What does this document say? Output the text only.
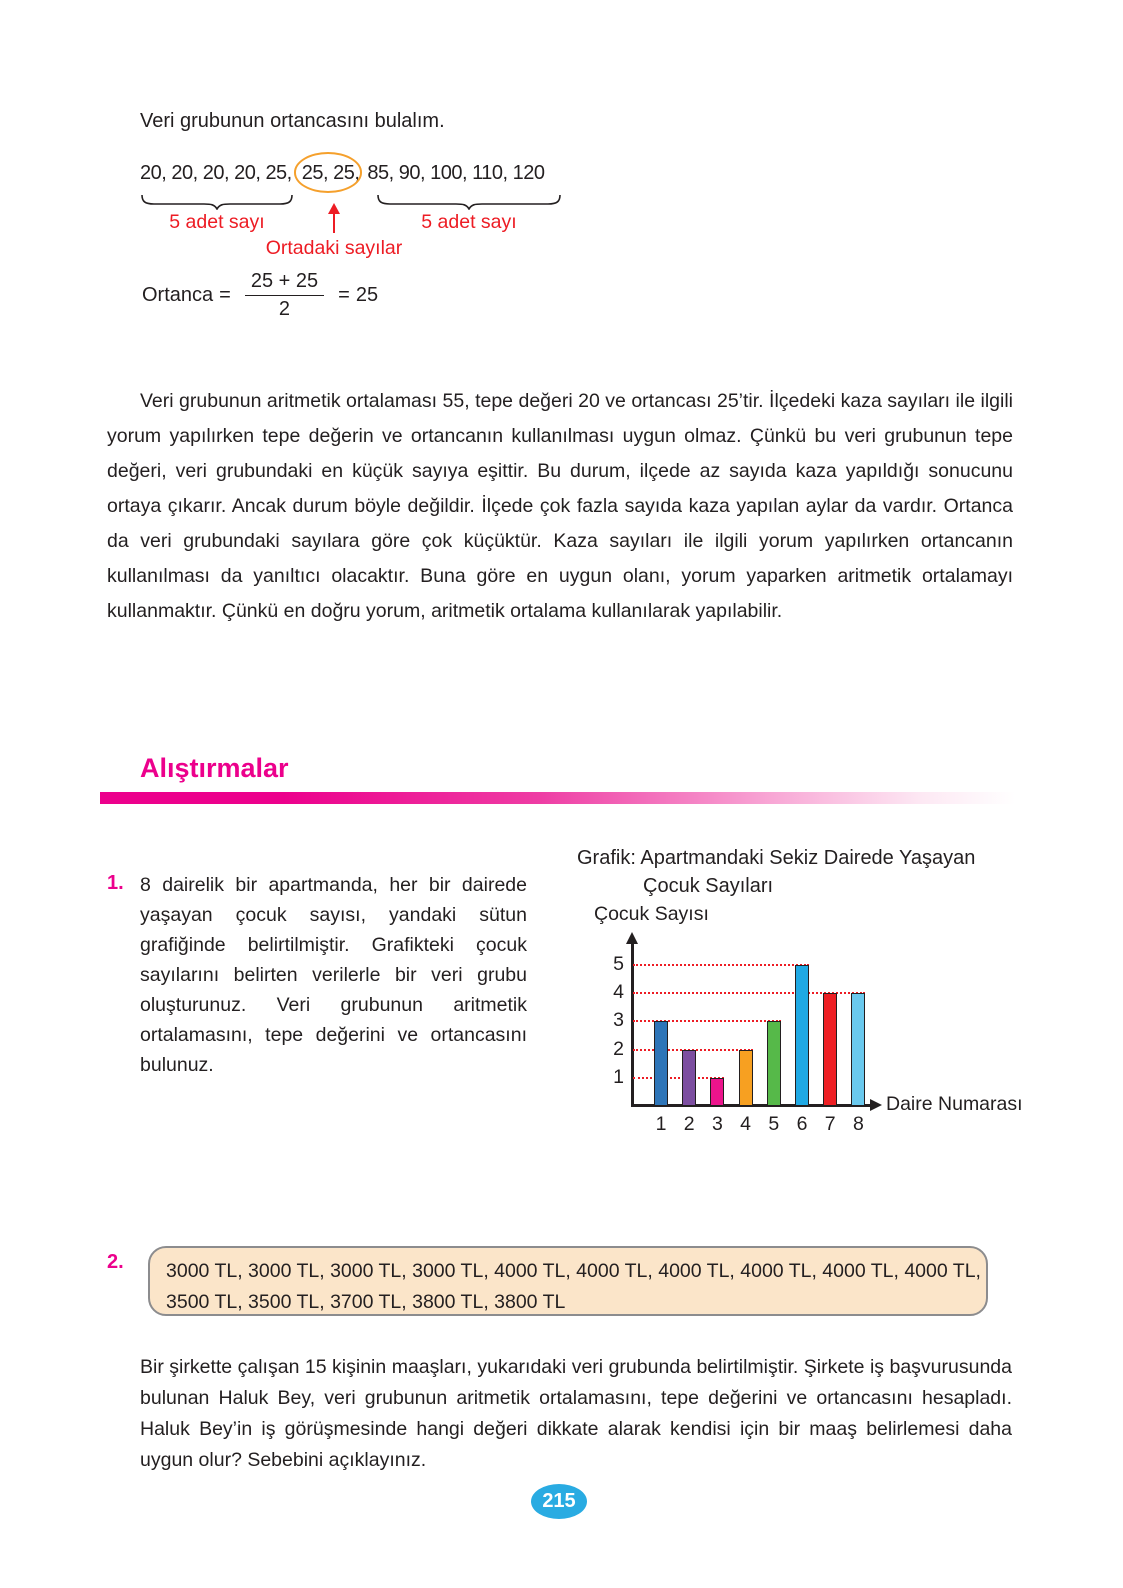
Veri grubunun ortancasını bulalım.
20, 20, 20, 20, 25, 25, 25, 85, 90, 100, 110, 120
5 adet sayı	5 adet sayı
Ortadaki sayılar
Ortanca = $\frac{25 + 25}{2} = 25$
Veri grubunun aritmetik ortalaması 55, tepe değeri 20 ve ortancası 25’tir. İlçedeki kaza sayıları ile ilgili yorum yapılırken tepe değerin ve ortancanın kullanılması uygun olmaz. Çünkü bu veri grubunun tepe değeri, veri grubundaki en küçük sayıya eşittir. Bu durum, ilçede az sayıda kaza yapıldığı sonucunu ortaya çıkarır. Ancak durum böyle değildir. İlçede çok fazla sayıda kaza yapılan aylar da vardır. Ortanca da veri grubundaki sayılara göre çok küçüktür. Kaza sayıları ile ilgili yorum yapılırken ortancanın kullanılması da yanıltıcı olacaktır. Buna göre en uygun olanı, yorum yaparken aritmetik ortalamayı kullanmaktır. Çünkü en doğru yorum, aritmetik ortalama kullanılarak yapılabilir.
Alıştırmalar
1. 8 dairelik bir apartmanda, her bir dairede yaşayan çocuk sayısı, yandaki sütun grafiğinde belirtilmiştir. Grafikteki çocuk sayılarını belirten verilerle bir veri grubu oluşturunuz. Veri grubunun aritmetik ortalamasını, tepe değerini ve ortancasını bulunuz.
Grafik: Apartmandaki Sekiz Dairede Yaşayan
Çocuk Sayıları
Çocuk Sayısı
Daire Numarası
1
2
3
4
5
1 2 3 4 5 6 7 8
2. 3000 TL, 3000 TL, 3000 TL, 3000 TL, 4000 TL, 4000 TL, 4000 TL, 4000 TL, 4000 TL, 4000 TL,
3500 TL, 3500 TL, 3700 TL, 3800 TL, 3800 TL
Bir şirkette çalışan 15 kişinin maaşları, yukarıdaki veri grubunda belirtilmiştir. Şirkete iş başvurusunda bulunan Haluk Bey, veri grubunun aritmetik ortalamasını, tepe değerini ve ortancasını hesapladı. Haluk Bey’in iş görüşmesinde hangi değeri dikkate alarak kendisi için bir maaş belirlemesi daha uygun olur? Sebebini açıklayınız.
215
